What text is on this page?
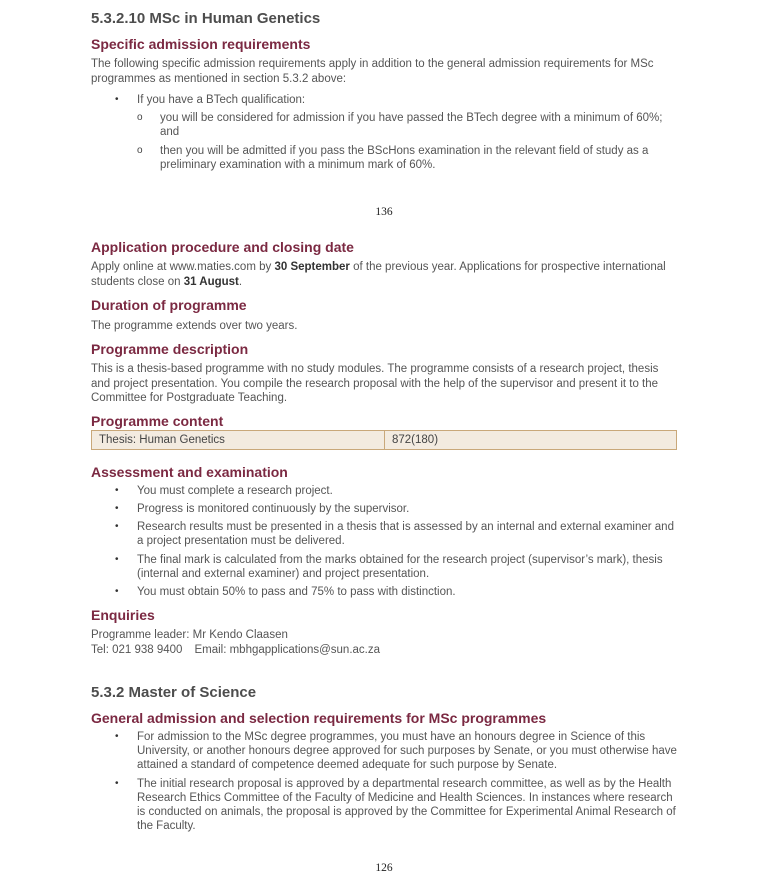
5.3.2.10 MSc in Human Genetics
Specific admission requirements

The following specific admission requirements apply in addition to the general admission requirements for MSc programmes as mentioned in section 5.3.2 above:

• If you have a BTech qualification:
o you will be considered for admission if you have passed the BTech degree with a minimum of 60%; and
o then you will be admitted if you pass the BScHons examination in the relevant field of study as a preliminary examination with a minimum mark of 60%.
136
Application procedure and closing date

Apply online at www.maties.com by 30 September of the previous year. Applications for prospective international students close on 31 August.

Duration of programme

The programme extends over two years.

Programme description

This is a thesis-based programme with no study modules. The programme consists of a research project, thesis and project presentation. You compile the research proposal with the help of the supervisor and present it to the Committee for Postgraduate Teaching.

Programme content
Thesis: Human Genetics	872(180)
Assessment and examination
• You must complete a research project.
• Progress is monitored continuously by the supervisor.
• Research results must be presented in a thesis that is assessed by an internal and external examiner and a project presentation must be delivered.
• The final mark is calculated from the marks obtained for the research project (supervisor’s mark), thesis (internal and external examiner) and project presentation.
• You must obtain 50% to pass and 75% to pass with distinction.
Enquiries

Programme leader: Mr Kendo Claasen

Tel: 021 938 9400 Email: mbhgapplications@sun.ac.za

5.3.2 Master of Science
General admission and selection requirements for MSc programmes
• For admission to the MSc degree programmes, you must have an honours degree in Science of this University, or another honours degree approved for such purposes by Senate, or you must otherwise have attained a standard of competence deemed adequate for such purpose by Senate.
• The initial research proposal is approved by a departmental research committee, as well as by the Health Research Ethics Committee of the Faculty of Medicine and Health Sciences. In instances where research is conducted on animals, the proposal is approved by the Committee for Experimental Animal Research of the Faculty.
126
